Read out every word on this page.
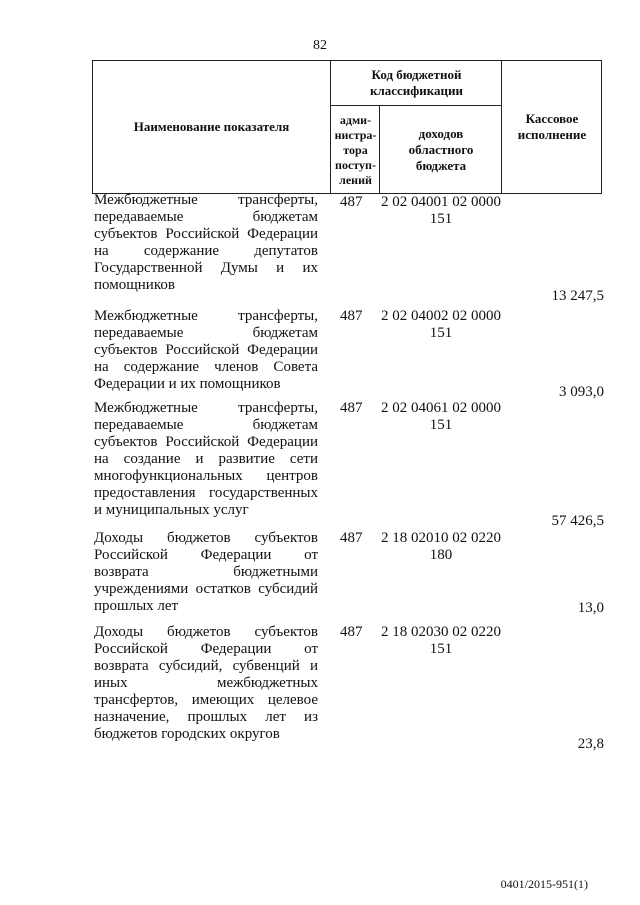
82
Наименование показателя
Код бюджетной классификации
адми-нистра-тора поступ-лений
доходов областного бюджета
Кассовое исполнение
Межбюджетные трансферты, передаваемые бюджетам субъектов Российской Федерации на содержание депутатов Государственной Думы и их помощников
487 2 02 04001 02 0000 151
13 247,5
Межбюджетные трансферты, передаваемые бюджетам субъектов Российской Федерации на содержание членов Совета Федерации и их помощников
487 2 02 04002 02 0000 151
3 093,0
Межбюджетные трансферты, передаваемые бюджетам субъектов Российской Федерации на создание и развитие сети многофункциональных центров предоставления государственных и муниципальных услуг
487 2 02 04061 02 0000 151
57 426,5
Доходы бюджетов субъектов Российской Федерации от возврата бюджетными учреждениями остатков субсидий прошлых лет
487 2 18 02010 02 0220 180
13,0
Доходы бюджетов субъектов Российской Федерации от возврата субсидий, субвенций и иных межбюджетных трансфертов, имеющих целевое назначение, прошлых лет из бюджетов городских округов
487 2 18 02030 02 0220 151
23,8
0401/2015-951(1)
